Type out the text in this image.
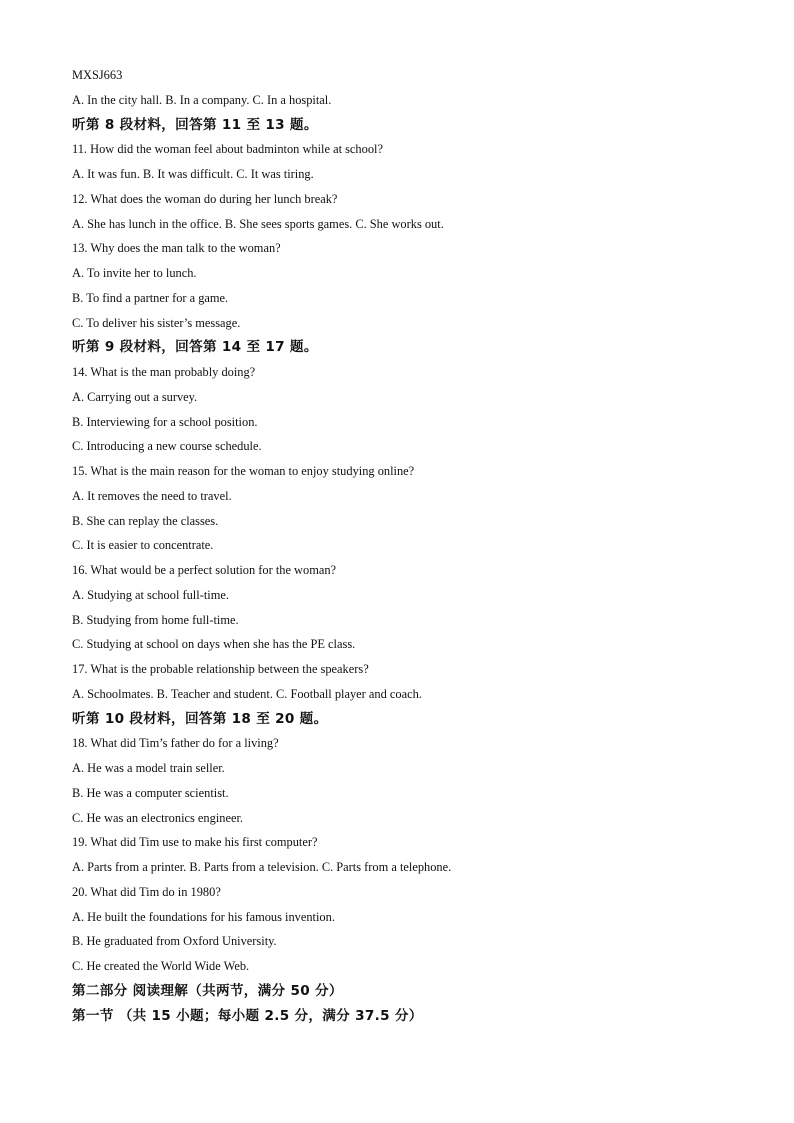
MXSJ663
A. In the city hall. B. In a company. C. In a hospital.
听第 8 段材料，回答第 11 至 13 题。
11. How did the woman feel about badminton while at school?
A. It was fun. B. It was difficult. C. It was tiring.
12. What does the woman do during her lunch break?
A. She has lunch in the office. B. She sees sports games. C. She works out.
13. Why does the man talk to the woman?
A. To invite her to lunch.
B. To find a partner for a game.
C. To deliver his sister’s message.
听第 9 段材料，回答第 14 至 17 题。
14. What is the man probably doing?
A. Carrying out a survey.
B. Interviewing for a school position.
C. Introducing a new course schedule.
15. What is the main reason for the woman to enjoy studying online?
A. It removes the need to travel.
B. She can replay the classes.
C. It is easier to concentrate.
16. What would be a perfect solution for the woman?
A. Studying at school full-time.
B. Studying from home full-time.
C. Studying at school on days when she has the PE class.
17. What is the probable relationship between the speakers?
A. Schoolmates. B. Teacher and student. C. Football player and coach.
听第 10 段材料，回答第 18 至 20 题。
18. What did Tim’s father do for a living?
A. He was a model train seller.
B. He was a computer scientist.
C. He was an electronics engineer.
19. What did Tim use to make his first computer?
A. Parts from a printer. B. Parts from a television. C. Parts from a telephone.
20. What did Tim do in 1980?
A. He built the foundations for his famous invention.
B. He graduated from Oxford University.
C. He created the World Wide Web.
第二部分 阅读理解（共两节，满分 50 分）
第一节 （共 15 小题；每小题 2.5 分，满分 37.5 分）
